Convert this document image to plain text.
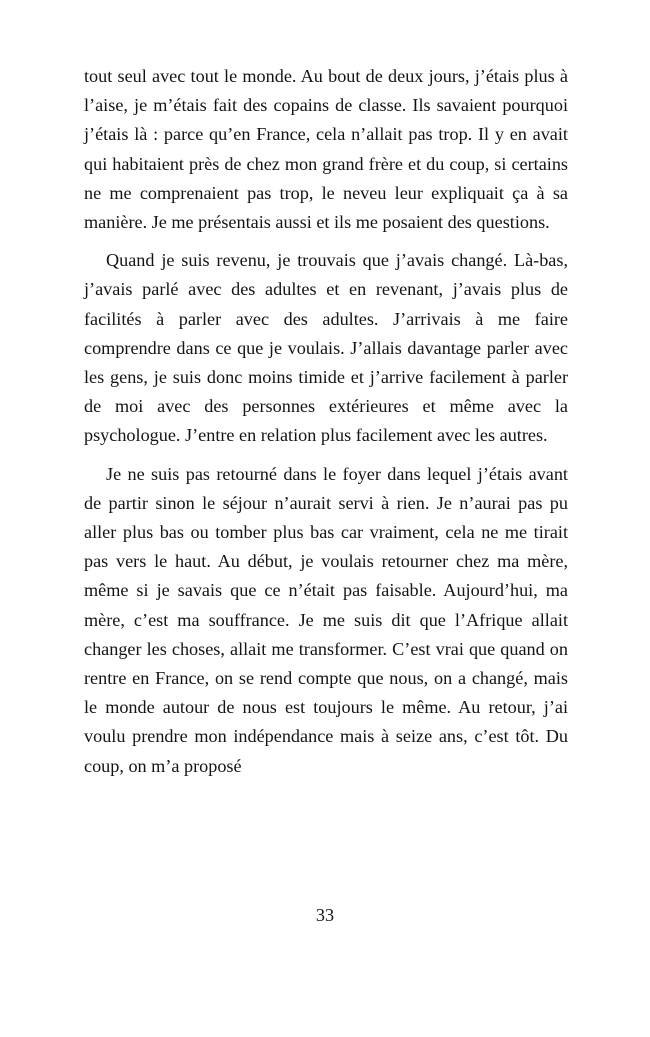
tout seul avec tout le monde. Au bout de deux jours, j’étais plus à l’aise, je m’étais fait des copains de classe. Ils savaient pourquoi j’étais là : parce qu’en France, cela n’allait pas trop. Il y en avait qui habitaient près de chez mon grand frère et du coup, si certains ne me comprenaient pas trop, le neveu leur expliquait ça à sa manière. Je me présentais aussi et ils me posaient des questions.

Quand je suis revenu, je trouvais que j’avais changé. Là-bas, j’avais parlé avec des adultes et en revenant, j’avais plus de facilités à parler avec des adultes. J’arrivais à me faire comprendre dans ce que je voulais. J’allais davantage parler avec les gens, je suis donc moins timide et j’arrive facilement à parler de moi avec des personnes extérieures et même avec la psychologue. J’entre en relation plus facilement avec les autres.

Je ne suis pas retourné dans le foyer dans lequel j’étais avant de partir sinon le séjour n’aurait servi à rien. Je n’aurai pas pu aller plus bas ou tomber plus bas car vraiment, cela ne me tirait pas vers le haut. Au début, je voulais retourner chez ma mère, même si je savais que ce n’était pas faisable. Aujourd’hui, ma mère, c’est ma souffrance. Je me suis dit que l’Afrique allait changer les choses, allait me transformer. C’est vrai que quand on rentre en France, on se rend compte que nous, on a changé, mais le monde autour de nous est toujours le même. Au retour, j’ai voulu prendre mon indépendance mais à seize ans, c’est tôt. Du coup, on m’a proposé

33
